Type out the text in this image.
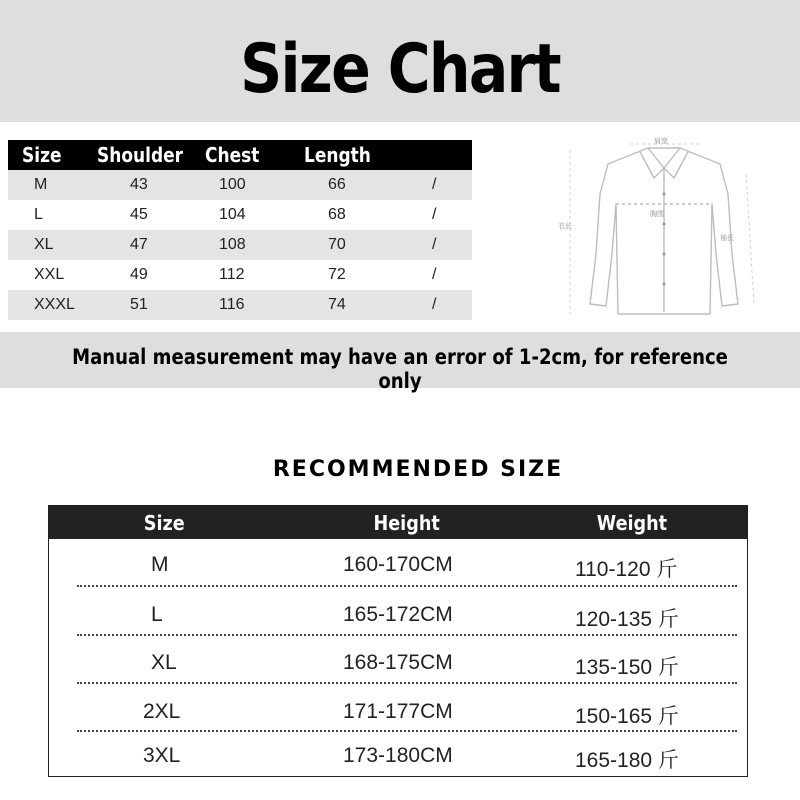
Size Chart
Size Shoulder Chest Length
M	43	100	66	/
L	45	104	68	/
XL	47	108	70	/
XXL	49	112	72	/
XXXL	51	116	74	/
肩宽
胸围
衣长
袖长
Manual measurement may have an error of 1-2cm, for reference only
RECOMMENDED SIZE
Size	Height	Weight
M	160-170CM	110-120 斤
L	165-172CM	120-135 斤
XL	168-175CM	135-150 斤
2XL	171-177CM	150-165 斤
3XL	173-180CM	165-180 斤
